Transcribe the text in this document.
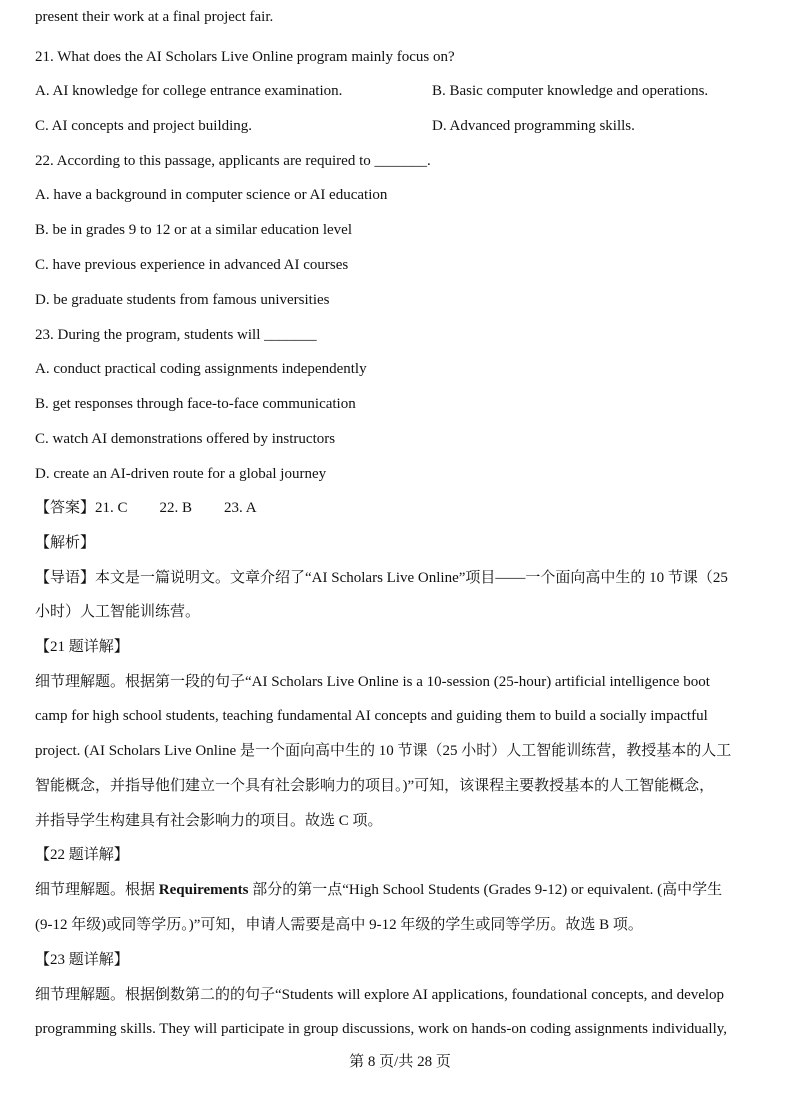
present their work at a final project fair.
21. What does the AI Scholars Live Online program mainly focus on?
A. AI knowledge for college entrance examination.	B. Basic computer knowledge and operations.
C. AI concepts and project building.	D. Advanced programming skills.
22. According to this passage, applicants are required to _______.
A. have a background in computer science or AI education
B. be in grades 9 to 12 or at a similar education level
C. have previous experience in advanced AI courses
D. be graduate students from famous universities
23. During the program, students will _______
A. conduct practical coding assignments independently
B. get responses through face-to-face communication
C. watch AI demonstrations offered by instructors
D. create an AI-driven route for a global journey
【答案】21. C 22. B 23. A
【解析】
【导语】本文是一篇说明文。文章介绍了“AI Scholars Live Online”项目——一个面向高中生的 10 节课（25
小时）人工智能训练营。
【21 题详解】
细节理解题。根据第一段的句子“AI Scholars Live Online is a 10-session (25-hour) artificial intelligence boot
camp for high school students, teaching fundamental AI concepts and guiding them to build a socially impactful
project. (AI Scholars Live Online 是一个面向高中生的 10 节课（25 小时）人工智能训练营，教授基本的人工
智能概念，并指导他们建立一个具有社会影响力的项目。)”可知，该课程主要教授基本的人工智能概念，
并指导学生构建具有社会影响力的项目。故选 C 项。
【22 题详解】
细节理解题。根据 Requirements 部分的第一点“High School Students (Grades 9-12) or equivalent. (高中学生
(9-12 年级)或同等学历。)”可知，申请人需要是高中 9-12 年级的学生或同等学历。故选 B 项。
【23 题详解】
细节理解题。根据倒数第二的的句子“Students will explore AI applications, foundational concepts, and develop
programming skills. They will participate in group discussions, work on hands-on coding assignments individually,
第 8 页/共 28 页
